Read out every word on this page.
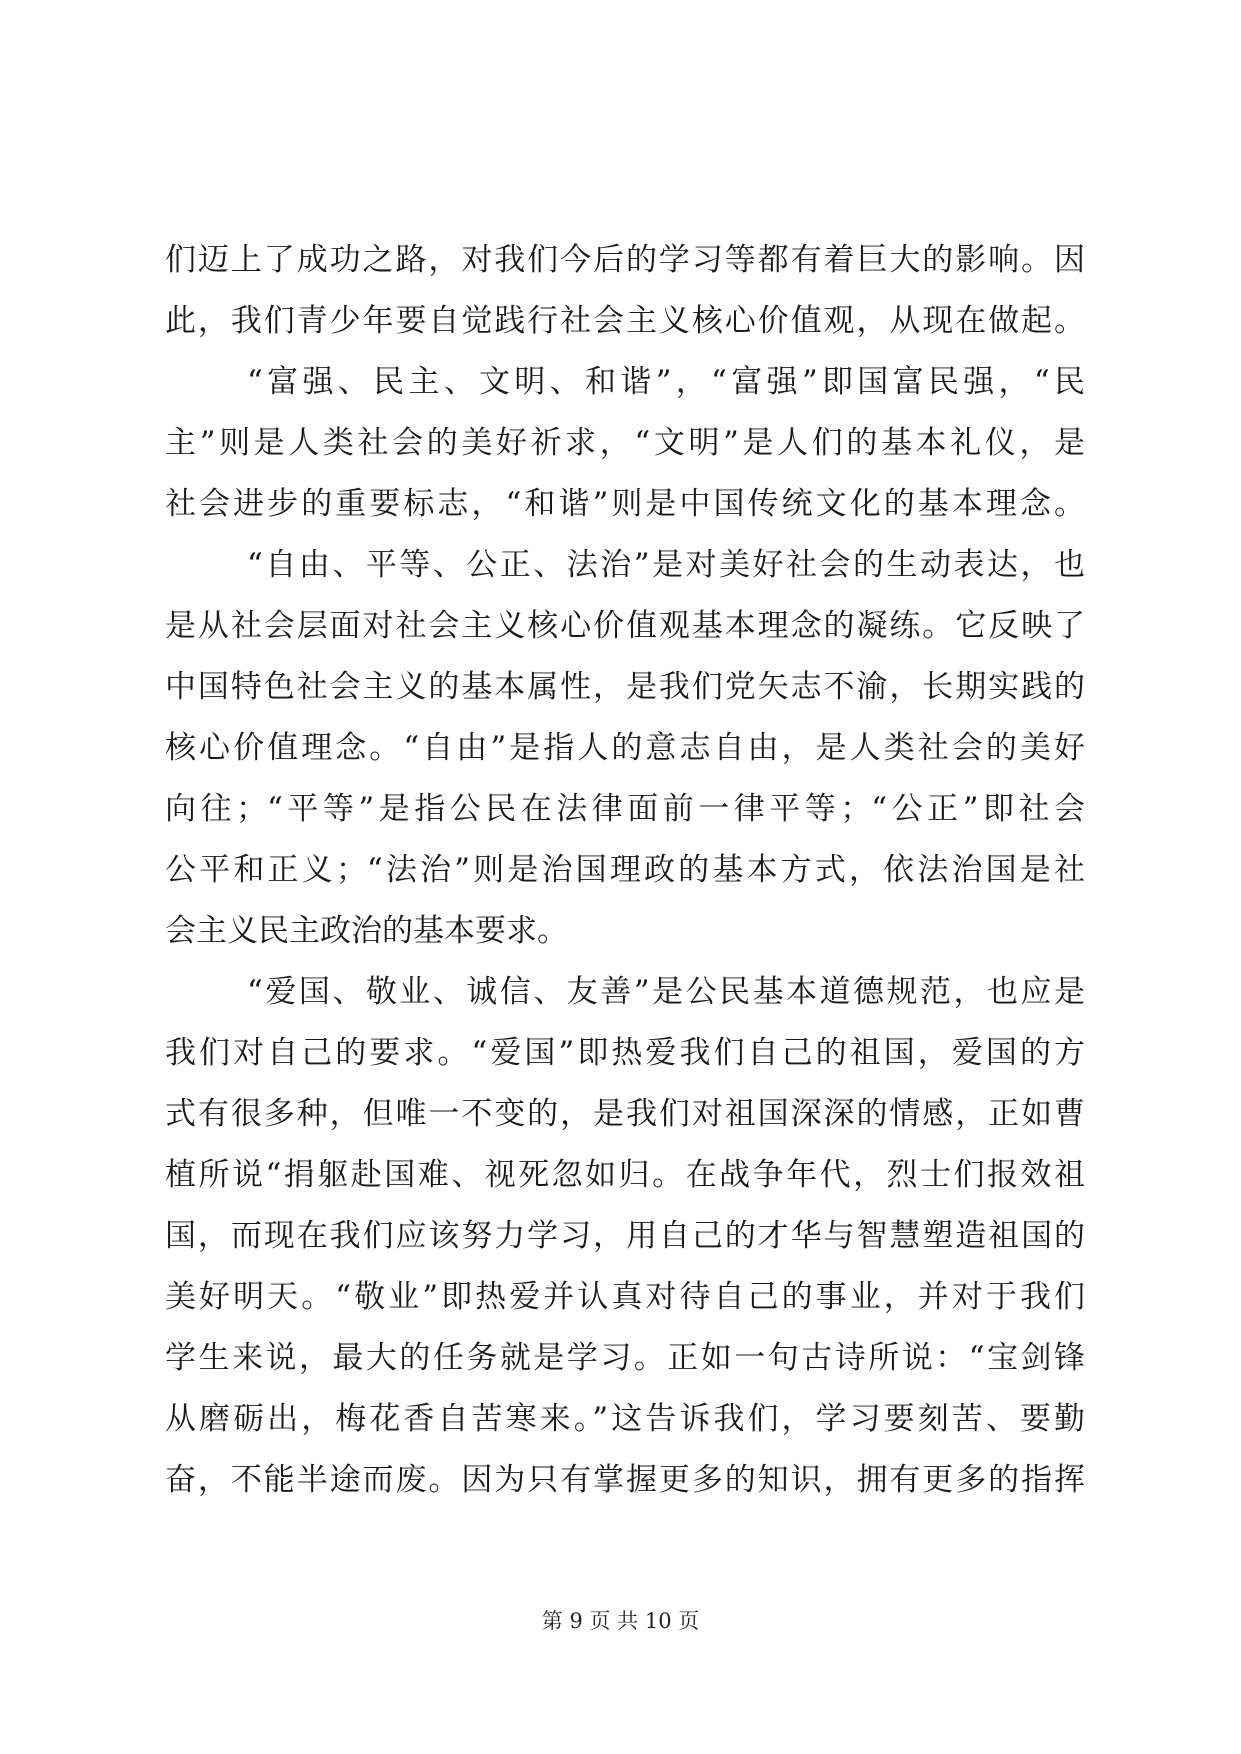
们迈上了成功之路，对我们今后的学习等都有着巨大的影响。因
此，我们青少年要自觉践行社会主义核心价值观，从现在做起。
“富强、民主、文明、和谐”，“富强”即国富民强，“民
主”则是人类社会的美好祈求，“文明”是人们的基本礼仪，是
社会进步的重要标志，“和谐”则是中国传统文化的基本理念。
“自由、平等、公正、法治”是对美好社会的生动表达，也
是从社会层面对社会主义核心价值观基本理念的凝练。它反映了
中国特色社会主义的基本属性，是我们党矢志不渝，长期实践的
核心价值理念。“自由”是指人的意志自由，是人类社会的美好
向往；“平等”是指公民在法律面前一律平等；“公正”即社会
公平和正义；“法治”则是治国理政的基本方式，依法治国是社
会主义民主政治的基本要求。
“爱国、敬业、诚信、友善”是公民基本道德规范，也应是
我们对自己的要求。“爱国”即热爱我们自己的祖国，爱国的方
式有很多种，但唯一不变的，是我们对祖国深深的情感，正如曹
植所说“捐躯赴国难、视死忽如归。在战争年代，烈士们报效祖
国，而现在我们应该努力学习，用自己的才华与智慧塑造祖国的
美好明天。“敬业”即热爱并认真对待自己的事业，并对于我们
学生来说，最大的任务就是学习。正如一句古诗所说：“宝剑锋
从磨砺出，梅花香自苦寒来。”这告诉我们，学习要刻苦、要勤
奋，不能半途而废。因为只有掌握更多的知识，拥有更多的指挥
第 9 页 共 10 页
